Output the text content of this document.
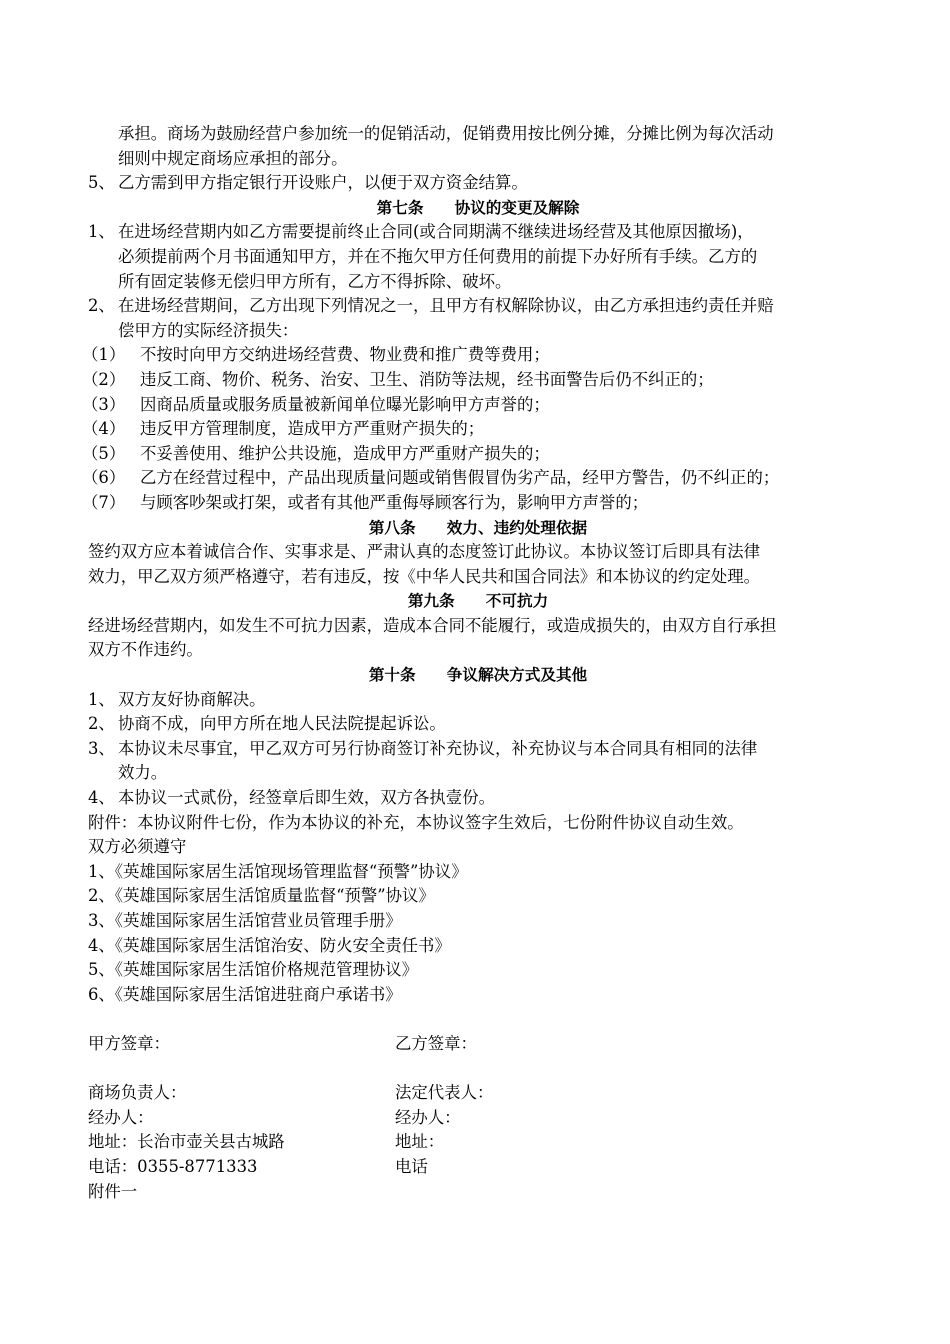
承担。商场为鼓励经营户参加统一的促销活动，促销费用按比例分摊，分摊比例为每次活动

细则中规定商场应承担的部分。

5、 乙方需到甲方指定银行开设账户，以便于双方资金结算。

第七条　　协议的变更及解除

1、 在进场经营期内如乙方需要提前终止合同(或合同期满不继续进场经营及其他原因撤场)，

必须提前两个月书面通知甲方，并在不拖欠甲方任何费用的前提下办好所有手续。乙方的

所有固定装修无偿归甲方所有，乙方不得拆除、破坏。

2、 在进场经营期间，乙方出现下列情况之一，且甲方有权解除协议，由乙方承担违约责任并赔

偿甲方的实际经济损失：

（1） 不按时向甲方交纳进场经营费、物业费和推广费等费用；
（2） 违反工商、物价、税务、治安、卫生、消防等法规，经书面警告后仍不纠正的；
（3） 因商品质量或服务质量被新闻单位曝光影响甲方声誉的；
（4） 违反甲方管理制度，造成甲方严重财产损失的；
（5） 不妥善使用、维护公共设施，造成甲方严重财产损失的；
（6） 乙方在经营过程中，产品出现质量问题或销售假冒伪劣产品，经甲方警告，仍不纠正的；
（7） 与顾客吵架或打架，或者有其他严重侮辱顾客行为，影响甲方声誉的；

第八条　　效力、违约处理依据

签约双方应本着诚信合作、实事求是、严肃认真的态度签订此协议。本协议签订后即具有法律

效力，甲乙双方须严格遵守，若有违反，按《中华人民共和国合同法》和本协议的约定处理。

第九条　　不可抗力

经进场经营期内，如发生不可抗力因素，造成本合同不能履行，或造成损失的，由双方自行承担

双方不作违约。

第十条　　争议解决方式及其他

1、 双方友好协商解决。
2、 协商不成，向甲方所在地人民法院提起诉讼。
3、 本协议未尽事宜，甲乙双方可另行协商签订补充协议，补充协议与本合同具有相同的法律

效力。

4、 本协议一式贰份，经签章后即生效，双方各执壹份。

附件：本协议附件七份，作为本协议的补充，本协议签字生效后，七份附件协议自动生效。

双方必须遵守

1、《英雄国际家居生活馆现场管理监督“预警”协议》

2、《英雄国际家居生活馆质量监督“预警”协议》

3、《英雄国际家居生活馆营业员管理手册》

4、《英雄国际家居生活馆治安、防火安全责任书》

5、《英雄国际家居生活馆价格规范管理协议》

6、《英雄国际家居生活馆进驻商户承诺书》

甲方签章：	乙方签章：
商场负责人：	法定代表人：
经办人：	经办人：
地址：长治市壶关县古城路	地址：
电话：0355-8771333	电话

附件一
